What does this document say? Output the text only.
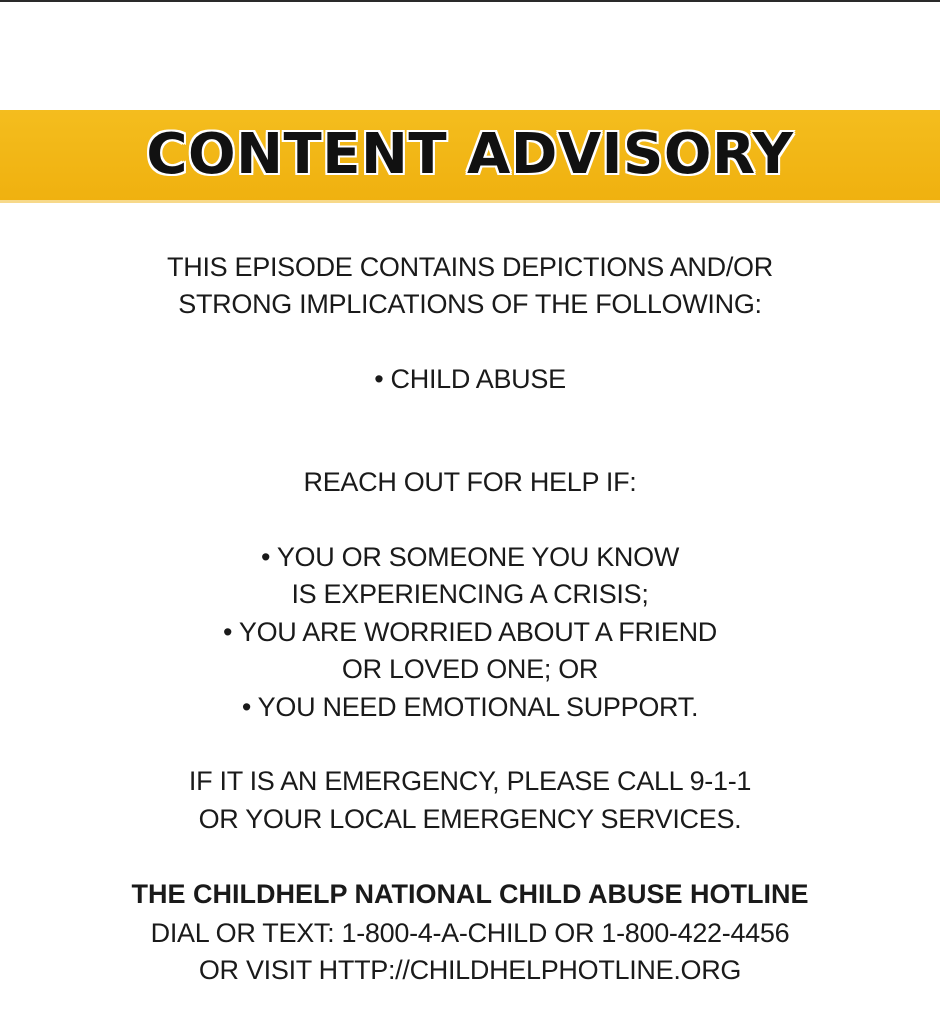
CONTENT ADVISORY
THIS EPISODE CONTAINS DEPICTIONS AND/OR
STRONG IMPLICATIONS OF THE FOLLOWING:
• CHILD ABUSE
REACH OUT FOR HELP IF:
• YOU OR SOMEONE YOU KNOW
IS EXPERIENCING A CRISIS;
• YOU ARE WORRIED ABOUT A FRIEND
OR LOVED ONE; OR
• YOU NEED EMOTIONAL SUPPORT.
IF IT IS AN EMERGENCY, PLEASE CALL 9-1-1
OR YOUR LOCAL EMERGENCY SERVICES.
THE CHILDHELP NATIONAL CHILD ABUSE HOTLINE
DIAL OR TEXT: 1-800-4-A-CHILD OR 1-800-422-4456
OR VISIT HTTP://CHILDHELPHOTLINE.ORG
